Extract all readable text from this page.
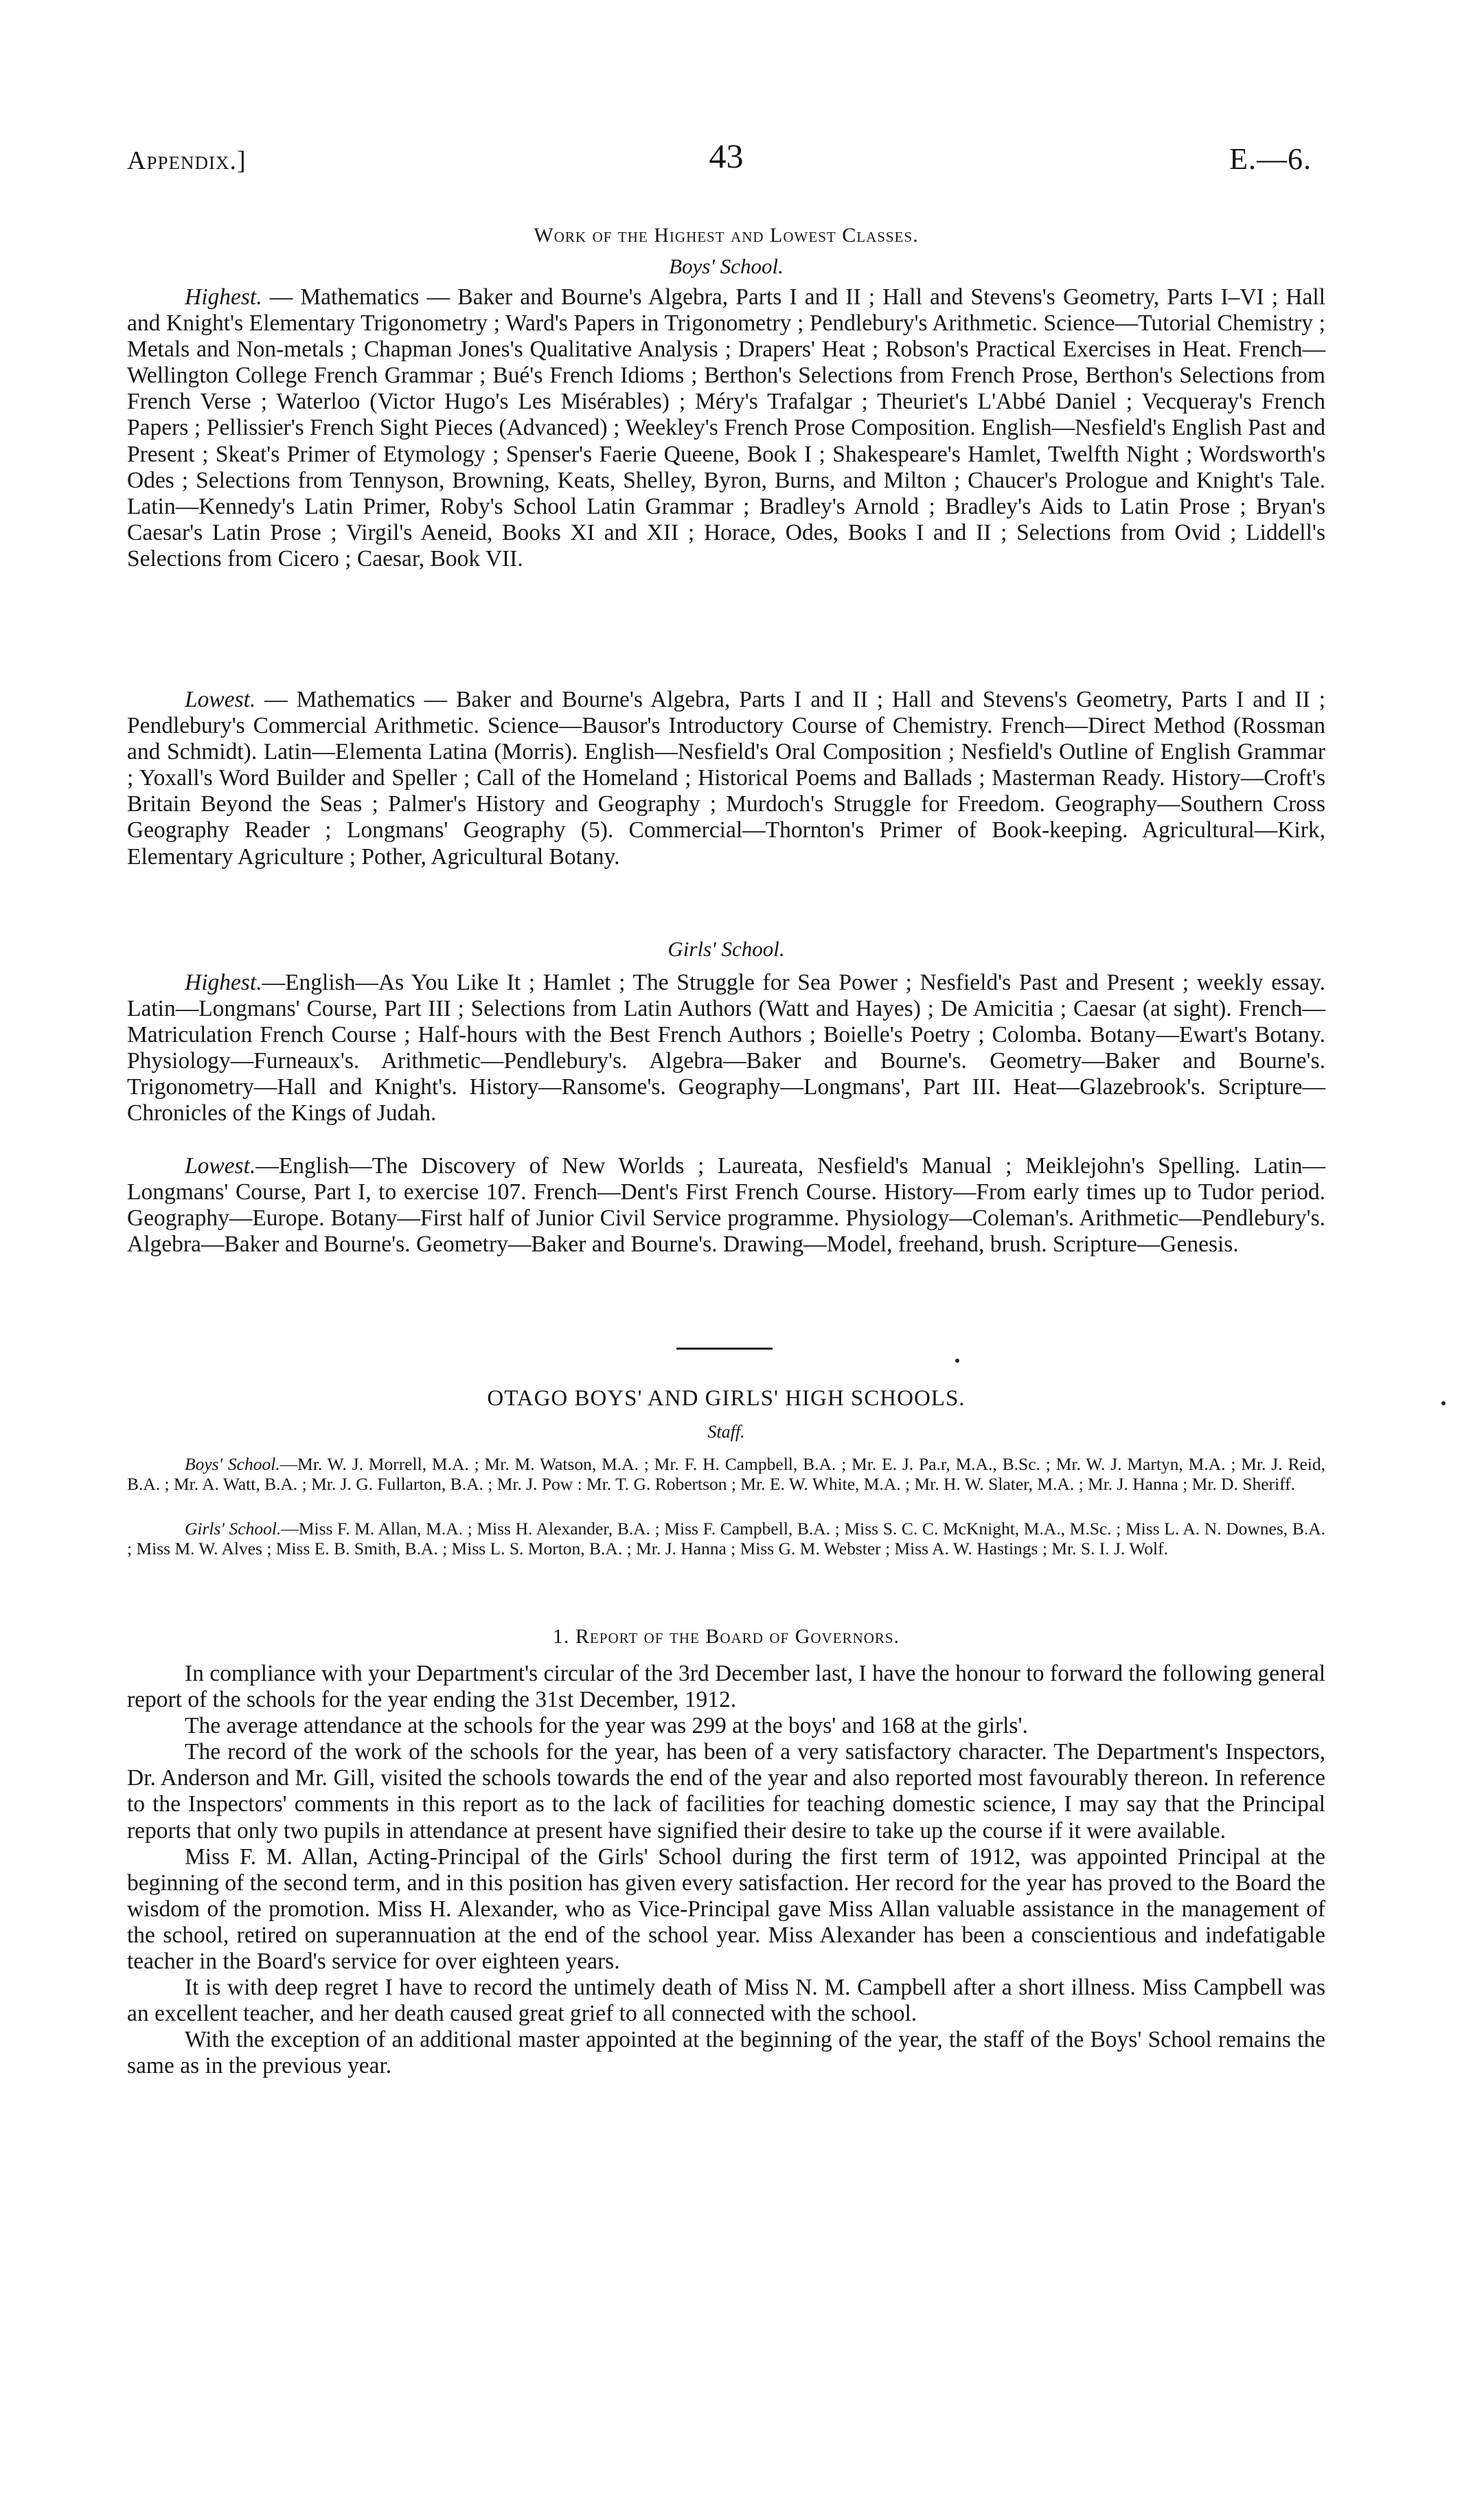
Appendix.]	43	E.—6.
Work of the Highest and Lowest Classes.
Boys' School.

Highest. — Mathematics — Baker and Bourne's Algebra, Parts I and II ; Hall and Stevens's Geometry, Parts I–VI ; Hall and Knight's Elementary Trigonometry ; Ward's Papers in Trigonometry ; Pendlebury's Arithmetic. Science—Tutorial Chemistry ; Metals and Non-metals ; Chapman Jones's Qualitative Analysis ; Drapers' Heat ; Robson's Practical Exercises in Heat. French—Wellington College French Grammar ; Bué's French Idioms ; Berthon's Selections from French Prose, Berthon's Selections from French Verse ; Waterloo (Victor Hugo's Les Misérables) ; Méry's Trafalgar ; Theuriet's L'Abbé Daniel ; Vecqueray's French Papers ; Pellissier's French Sight Pieces (Advanced) ; Weekley's French Prose Composition. English—Nesfield's English Past and Present ; Skeat's Primer of Etymology ; Spenser's Faerie Queene, Book I ; Shakespeare's Hamlet, Twelfth Night ; Wordsworth's Odes ; Selections from Tennyson, Browning, Keats, Shelley, Byron, Burns, and Milton ; Chaucer's Prologue and Knight's Tale. Latin—Kennedy's Latin Primer, Roby's School Latin Grammar ; Bradley's Arnold ; Bradley's Aids to Latin Prose ; Bryan's Caesar's Latin Prose ; Virgil's Aeneid, Books XI and XII ; Horace, Odes, Books I and II ; Selections from Ovid ; Liddell's Selections from Cicero ; Caesar, Book VII.

Lowest. — Mathematics — Baker and Bourne's Algebra, Parts I and II ; Hall and Stevens's Geometry, Parts I and II ; Pendlebury's Commercial Arithmetic. Science—Bausor's Introductory Course of Chemistry. French—Direct Method (Rossman and Schmidt). Latin—Elementa Latina (Morris). English—Nesfield's Oral Composition ; Nesfield's Outline of English Grammar ; Yoxall's Word Builder and Speller ; Call of the Homeland ; Historical Poems and Ballads ; Masterman Ready. History—Croft's Britain Beyond the Seas ; Palmer's History and Geography ; Murdoch's Struggle for Freedom. Geography—Southern Cross Geography Reader ; Longmans' Geography (5). Commercial—Thornton's Primer of Book-keeping. Agricultural—Kirk, Elementary Agriculture ; Pother, Agricultural Botany.

Girls' School.

Highest.—English—As You Like It ; Hamlet ; The Struggle for Sea Power ; Nesfield's Past and Present ; weekly essay. Latin—Longmans' Course, Part III ; Selections from Latin Authors (Watt and Hayes) ; De Amicitia ; Caesar (at sight). French—Matriculation French Course ; Half-hours with the Best French Authors ; Boielle's Poetry ; Colomba. Botany—Ewart's Botany. Physiology—Furneaux's. Arithmetic—Pendlebury's. Algebra—Baker and Bourne's. Geometry—Baker and Bourne's. Trigonometry—Hall and Knight's. History—Ransome's. Geography—Longmans', Part III. Heat—Glazebrook's. Scripture—Chronicles of the Kings of Judah.

Lowest.—English—The Discovery of New Worlds ; Laureata, Nesfield's Manual ; Meiklejohn's Spelling. Latin—Longmans' Course, Part I, to exercise 107. French—Dent's First French Course. History—From early times up to Tudor period. Geography—Europe. Botany—First half of Junior Civil Service programme. Physiology—Coleman's. Arithmetic—Pendlebury's. Algebra—Baker and Bourne's. Geometry—Baker and Bourne's. Drawing—Model, freehand, brush. Scripture—Genesis.

OTAGO BOYS' AND GIRLS' HIGH SCHOOLS.
Staff.

Boys' School.—Mr. W. J. Morrell, M.A. ; Mr. M. Watson, M.A. ; Mr. F. H. Campbell, B.A. ; Mr. E. J. Pa.r, M.A., B.Sc. ; Mr. W. J. Martyn, M.A. ; Mr. J. Reid, B.A. ; Mr. A. Watt, B.A. ; Mr. J. G. Fullarton, B.A. ; Mr. J. Pow : Mr. T. G. Robertson ; Mr. E. W. White, M.A. ; Mr. H. W. Slater, M.A. ; Mr. J. Hanna ; Mr. D. Sheriff.

Girls' School.—Miss F. M. Allan, M.A. ; Miss H. Alexander, B.A. ; Miss F. Campbell, B.A. ; Miss S. C. C. McKnight, M.A., M.Sc. ; Miss L. A. N. Downes, B.A. ; Miss M. W. Alves ; Miss E. B. Smith, B.A. ; Miss L. S. Morton, B.A. ; Mr. J. Hanna ; Miss G. M. Webster ; Miss A. W. Hastings ; Mr. S. I. J. Wolf.

1. Report of the Board of Governors.

In compliance with your Department's circular of the 3rd December last, I have the honour to forward the following general report of the schools for the year ending the 31st December, 1912.

The average attendance at the schools for the year was 299 at the boys' and 168 at the girls'.

The record of the work of the schools for the year, has been of a very satisfactory character. The Department's Inspectors, Dr. Anderson and Mr. Gill, visited the schools towards the end of the year and also reported most favourably thereon. In reference to the Inspectors' comments in this report as to the lack of facilities for teaching domestic science, I may say that the Principal reports that only two pupils in attendance at present have signified their desire to take up the course if it were available.

Miss F. M. Allan, Acting-Principal of the Girls' School during the first term of 1912, was appointed Principal at the beginning of the second term, and in this position has given every satisfaction. Her record for the year has proved to the Board the wisdom of the promotion. Miss H. Alexander, who as Vice-Principal gave Miss Allan valuable assistance in the management of the school, retired on superannuation at the end of the school year. Miss Alexander has been a conscientious and indefatigable teacher in the Board's service for over eighteen years.

It is with deep regret I have to record the untimely death of Miss N. M. Campbell after a short illness. Miss Campbell was an excellent teacher, and her death caused great grief to all connected with the school.

With the exception of an additional master appointed at the beginning of the year, the staff of the Boys' School remains the same as in the previous year.
